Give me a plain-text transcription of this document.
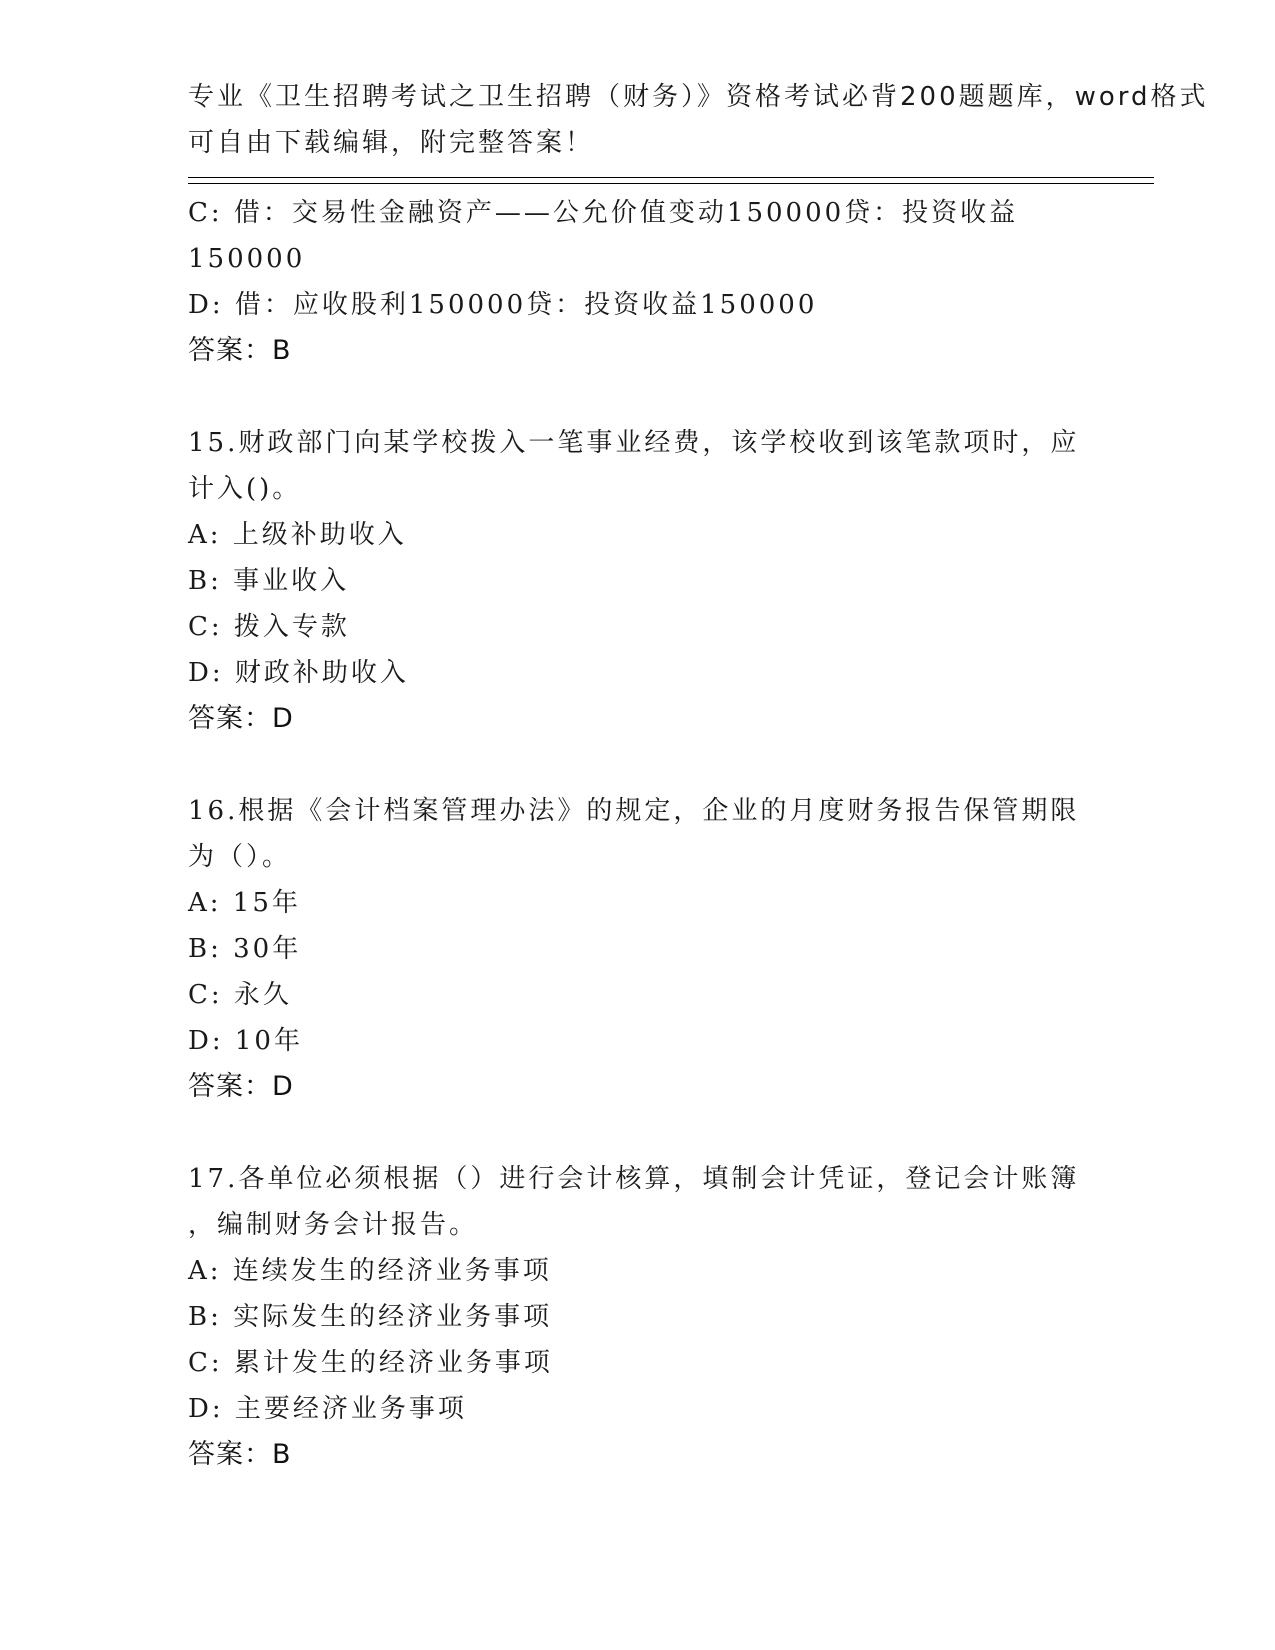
专业《卫生招聘考试之卫生招聘（财务）》资格考试必背200题题库，word格式
可自由下载编辑，附完整答案！
C: 借：交易性金融资产——公允价值变动150000贷：投资收益
150000
D: 借：应收股利150000贷：投资收益150000
答案：B
15.财政部门向某学校拨入一笔事业经费，该学校收到该笔款项时，应
计入()。
A: 上级补助收入
B: 事业收入
C: 拨入专款
D: 财政补助收入
答案：D
16.根据《会计档案管理办法》的规定，企业的月度财务报告保管期限
为（）。
A: 15年
B: 30年
C: 永久
D: 10年
答案：D
17.各单位必须根据（）进行会计核算，填制会计凭证，登记会计账簿
，编制财务会计报告。
A: 连续发生的经济业务事项
B: 实际发生的经济业务事项
C: 累计发生的经济业务事项
D: 主要经济业务事项
答案：B
